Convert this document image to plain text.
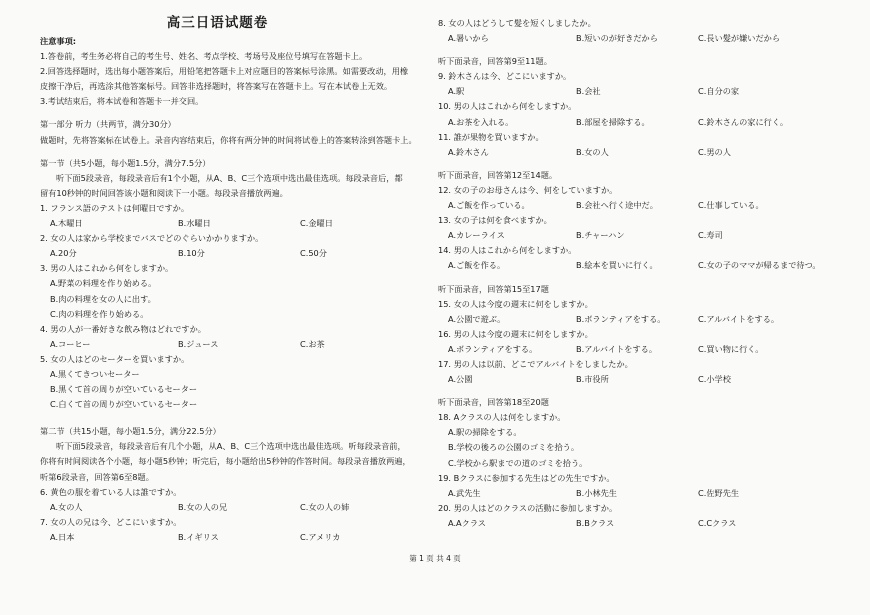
高三日语试题卷
注意事项:
1.答卷前，考生务必将自己的考生号、姓名、考点学校、考场号及座位号填写在答题卡上。
2.回答选择题时，选出每小题答案后，用铅笔把答题卡上对应题目的答案标号涂黑。如需要改动，用橡
皮擦干净后，再选涂其他答案标号。回答非选择题时，将答案写在答题卡上。写在本试卷上无效。
3.考试结束后，将本试卷和答题卡一并交回。
第一部分 听力（共两节，满分30分）
做题时，先将答案标在试卷上。录音内容结束后，你将有两分钟的时间将试卷上的答案转涂到答题卡上。
第一节（共5小题，每小题1.5分，满分7.5分）
听下面5段录音，每段录音后有1个小题，从A、B、C三个选项中选出最佳选项。每段录音后，都
留有10秒钟的时间回答该小题和阅读下一小题。每段录音播放两遍。
1. フランス語のテストは何曜日ですか。
A.木曜日	B.水曜日	C.金曜日
2. 女の人は家から学校までバスでどのぐらいかかりますか。
A.20分	B.10分	C.50分
3. 男の人はこれから何をしますか。
A.野菜の料理を作り始める。
B.肉の料理を女の人に出す。
C.肉の料理を作り始める。
4. 男の人が一番好きな飲み物はどれですか。
A.コーヒー	B.ジュース	C.お茶
5. 女の人はどのセーターを買いますか。
A.黒くてきついセーター
B.黒くて首の周りが空いているセーター
C.白くて首の周りが空いているセーター
第二节（共15小题，每小题1.5分，满分22.5分）
听下面5段录音，每段录音后有几个小题，从A、B、C三个选项中选出最佳选项。听每段录音前，
你将有时间阅读各个小题，每小题5秒钟；听完后，每小题给出5秒钟的作答时间。每段录音播放两遍，
听第6段录音，回答第6至8题。
6. 黄色の服を着ている人は誰ですか。
A.女の人	B.女の人の兄	C.女の人の姉
7. 女の人の兄は今、どこにいますか。
A.日本	B.イギリス	C.アメリカ
8. 女の人はどうして髪を短くしましたか。
A.暑いから	B.短いのが好きだから	C.長い髪が嫌いだから
听下面录音，回答第9至11题。
9. 鈴木さんは今、どこにいますか。
A.駅	B.会社	C.自分の家
10. 男の人はこれから何をしますか。
A.お茶を入れる。	B.部屋を掃除する。	C.鈴木さんの家に行く。
11. 誰が果物を買いますか。
A.鈴木さん	B.女の人	C.男の人
听下面录音，回答第12至14题。
12. 女の子のお母さんは今、何をしていますか。
A.ご飯を作っている。	B.会社へ行く途中だ。	C.仕事している。
13. 女の子は何を食べますか。
A.カレーライス	B.チャーハン	C.寿司
14. 男の人はこれから何をしますか。
A.ご飯を作る。	B.絵本を買いに行く。	C.女の子のママが帰るまで待つ。
听下面录音，回答第15至17题
15. 女の人は今度の週末に何をしますか。
A.公園で遊ぶ。	B.ボランティアをする。	C.アルバイトをする。
16. 男の人は今度の週末に何をしますか。
A.ボランティアをする。	B.アルバイトをする。	C.買い物に行く。
17. 男の人は以前、どこでアルバイトをしましたか。
A.公園	B.市役所	C.小学校
听下面录音，回答第18至20题
18. Aクラスの人は何をしますか。
A.駅の掃除をする。
B.学校の後ろの公園のゴミを拾う。
C.学校から駅までの道のゴミを拾う。
19. Bクラスに参加する先生はどの先生ですか。
A.武先生	B.小林先生	C.佐野先生
20. 男の人はどのクラスの活動に参加しますか。
A.Aクラス	B.Bクラス	C.Cクラス
第 1 页 共 4 页
